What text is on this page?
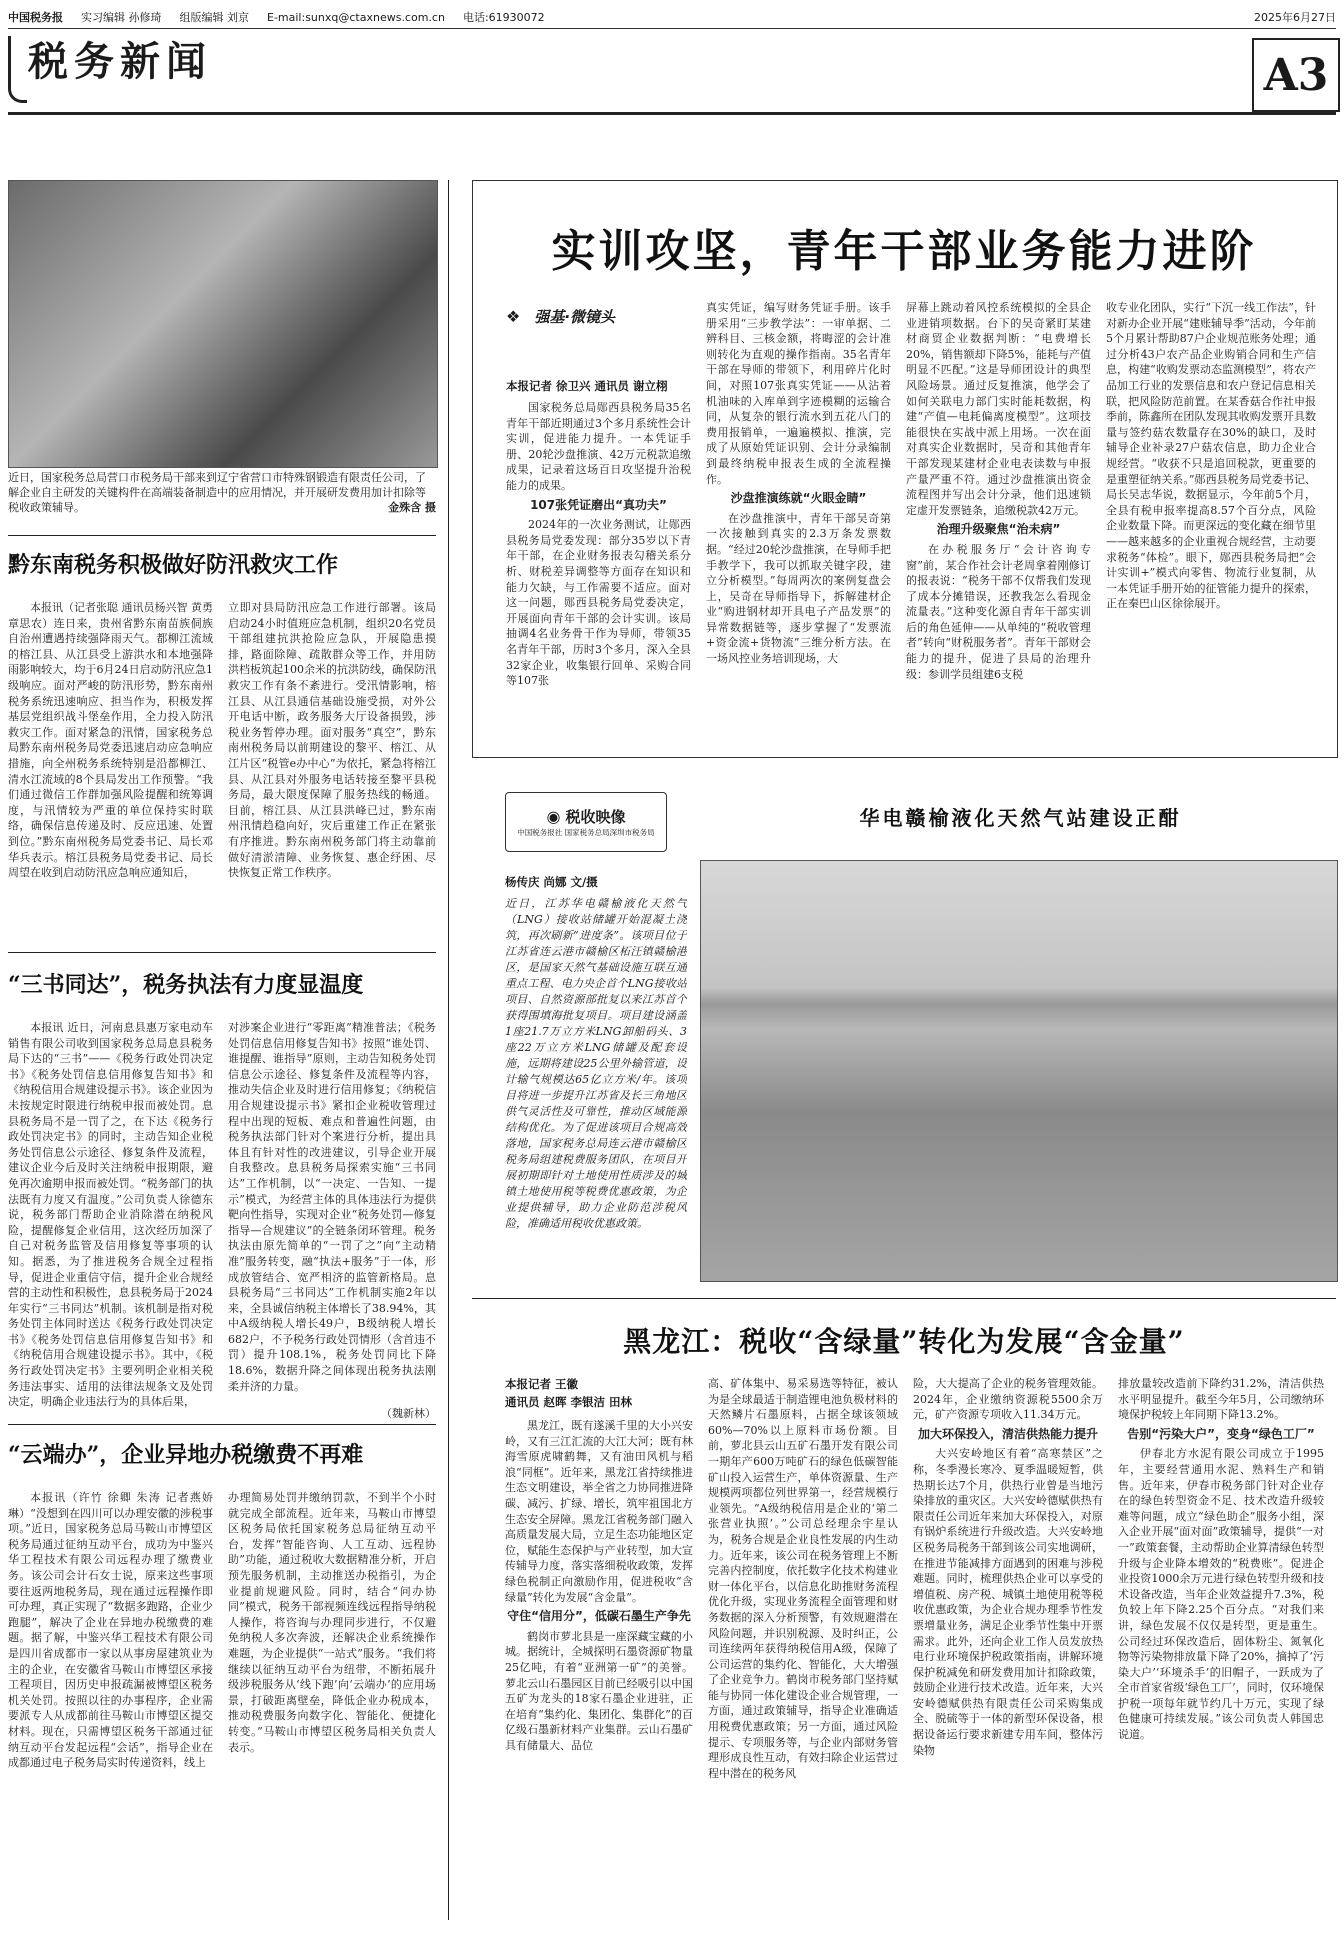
中国税务报 实习编辑 孙修琦 组版编辑 刘京 E-mail:sunxq@ctaxnews.com.cn 电话:61930072	2025年6月27日
税务新闻	A3
近日，国家税务总局营口市税务局干部来到辽宁省营口市特殊钢锻造有限责任公司，了解企业自主研发的关键构件在高端装备制造中的应用情况，并开展研发费用加计扣除等税收政策辅导。	金殊含 摄
黔东南税务积极做好防汛救灾工作

本报讯（记者张聪 通讯员杨兴智 黄勇 章思农）连日来，贵州省黔东南苗族侗族自治州遭遇持续强降雨天气。都柳江流域的榕江县、从江县受上游洪水和本地强降雨影响较大，均于6月24日启动防汛应急1级响应。面对严峻的防汛形势，黔东南州税务系统迅速响应、担当作为，积极发挥基层党组织战斗堡垒作用，全力投入防汛救灾工作。面对紧急的汛情，国家税务总局黔东南州税务局党委迅速启动应急响应措施，向全州税务系统特别是沿都柳江、清水江流域的8个县局发出工作预警。“我们通过微信工作群加强风险提醒和统筹调度，与汛情较为严重的单位保持实时联络，确保信息传递及时、反应迅速、处置到位。”黔东南州税务局党委书记、局长邓华兵表示。榕江县税务局党委书记、局长周望在收到启动防汛应急响应通知后，

立即对县局防汛应急工作进行部署。该局启动24小时值班应急机制，组织20名党员干部组建抗洪抢险应急队，开展隐患摸排，路面除障、疏散群众等工作，并用防洪档板筑起100余米的抗洪防线，确保防汛救灾工作有条不紊进行。受汛情影响，榕江县、从江县通信基础设施受损，对外公开电话中断，政务服务大厅设备损毁，涉税业务暂停办理。面对服务“真空”，黔东南州税务局以前期建设的黎平、榕江、从江片区“税管e办中心”为依托，紧急将榕江县、从江县对外服务电话转接至黎平县税务局，最大限度保障了服务热线的畅通。目前，榕江县、从江县洪峰已过，黔东南州汛情趋稳向好，灾后重建工作正在紧张有序推进。黔东南州税务部门将主动靠前做好清淤清障、业务恢复、惠企纾困、尽快恢复正常工作秩序。

“三书同达”，税务执法有力度显温度

本报讯 近日，河南息县惠万家电动车销售有限公司收到国家税务总局息县税务局下达的“三书”——《税务行政处罚决定书》《税务处罚信息信用修复告知书》和《纳税信用合规建设提示书》。该企业因为未按规定时限进行纳税申报而被处罚。息县税务局不是一罚了之，在下达《税务行政处罚决定书》的同时，主动告知企业税务处罚信息公示途径、修复条件及流程，建议企业今后及时关注纳税申报期限，避免再次逾期申报而被处罚。“税务部门的执法既有力度又有温度。”公司负责人徐德东说，税务部门帮助企业消除潜在纳税风险，提醒修复企业信用，这次经历加深了自己对税务监管及信用修复等事项的认知。据悉，为了推进税务合规全过程指导，促进企业重信守信，提升企业合规经营的主动性和积极性，息县税务局于2024年实行“三书同达”机制。该机制是指对税务处罚主体同时送达《税务行政处罚决定书》《税务处罚信息信用修复告知书》和《纳税信用合规建设提示书》。其中，《税务行政处罚决定书》主要列明企业相关税务违法事实、适用的法律法规条文及处罚决定，明确企业违法行为的具体后果，

对涉案企业进行“零距离”精准普法；《税务处罚信息信用修复告知书》按照“谁处罚、谁提醒、谁指导”原则，主动告知税务处罚信息公示途径、修复条件及流程等内容，推动失信企业及时进行信用修复；《纳税信用合规建设提示书》紧扣企业税收管理过程中出现的短板、难点和普遍性问题，由税务执法部门针对个案进行分析，提出具体且有针对性的改进建议，引导企业开展自我整改。息县税务局探索实施“三书同达”工作机制，以“一决定、一告知、一提示”模式，为经营主体的具体违法行为提供靶向性指导，实现对企业“税务处罚—修复指导—合规建议”的全链条闭环管理。税务执法由原先简单的“一罚了之”向“主动精准”服务转变，融“执法+服务”于一体，形成放管结合、宽严相济的监管新格局。息县税务局“三书同达”工作机制实施2年以来，全县诚信纳税主体增长了38.94%，其中A级纳税人增长49户，B级纳税人增长682户，不予税务行政处罚情形（含首违不罚）提升108.1%，税务处罚同比下降18.6%，数据升降之间体现出税务执法刚柔并济的力量。

（魏新林）
“云端办”，企业异地办税缴费不再难

本报讯（许竹 徐卿 朱涛 记者燕娇琳）“没想到在四川可以办理安徽的涉税事项。”近日，国家税务总局马鞍山市博望区税务局通过征纳互动平台，成功为中鉴兴华工程技术有限公司远程办理了缴费业务。该公司会计石女士说，原来这些事项要往返两地税务局，现在通过远程操作即可办理，真正实现了“数据多跑路，企业少跑腿”，解决了企业在异地办税缴费的难题。据了解，中鉴兴华工程技术有限公司是四川省成都市一家以从事房屋建筑业为主的企业，在安徽省马鞍山市博望区承接工程项目，因历史申报疏漏被博望区税务机关处罚。按照以往的办事程序，企业需要派专人从成都前往马鞍山市博望区提交材料。现在，只需博望区税务干部通过征纳互动平台发起远程“会话”，指导企业在成都通过电子税务局实时传递资料，线上

办理简易处罚并缴纳罚款，不到半个小时就完成全部流程。近年来，马鞍山市博望区税务局依托国家税务总局征纳互动平台，发挥“智能咨询、人工互动、远程协助”功能，通过税收大数据精准分析，开启预先服务机制，主动推送办税指引，为企业提前规避风险。同时，结合“问办协同”模式，税务干部视频连线远程指导纳税人操作，将咨询与办理同步进行，不仅避免纳税人多次奔波，还解决企业系统操作难题，为企业提供“一站式”服务。“我们将继续以征纳互动平台为纽带，不断拓展升级涉税服务从‘线下跑’向‘云端办’的应用场景，打破距离壁垒，降低企业办税成本，推动税费服务向数字化、智能化、便捷化转变。”马鞍山市博望区税务局相关负责人表示。

实训攻坚，青年干部业务能力进阶
❖ 强基·微镜头
本报记者 徐卫兴 通讯员 谢立栩

国家税务总局郧西县税务局35名青年干部近期通过3个多月系统性会计实训，促进能力提升。一本凭证手册、20轮沙盘推演、42万元税款追缴成果，记录着这场百日攻坚提升治税能力的成果。

107张凭证磨出“真功夫”

2024年的一次业务测试，让郧西县税务局党委发现：部分35岁以下青年干部，在企业财务报表勾稽关系分析、财税差异调整等方面存在知识和能力欠缺，与工作需要不适应。面对这一问题，郧西县税务局党委决定，开展面向青年干部的会计实训。该局抽调4名业务骨干作为导师，带领35名青年干部，历时3个多月，深入全县32家企业，收集银行回单、采购合同等107张

真实凭证，编写财务凭证手册。该手册采用“三步教学法”：一审单据、二辨科目、三核金额，将晦涩的会计准则转化为直观的操作指南。35名青年干部在导师的带领下，利用碎片化时间，对照107张真实凭证——从沾着机油味的入库单到字迹模糊的运输合同，从复杂的银行流水到五花八门的费用报销单，一遍遍模拟、推演，完成了从原始凭证识别、会计分录编制到最终纳税申报表生成的全流程操作。

沙盘推演练就“火眼金睛”

在沙盘推演中，青年干部吴奇第一次接触到真实的2.3万条发票数据。“经过20轮沙盘推演，在导师手把手教学下，我可以抓取关键字段，建立分析模型。”每周两次的案例复盘会上，吴奇在导师指导下，拆解建材企业“购进钢材却开具电子产品发票”的异常数据链等，逐步掌握了“发票流+资金流+货物流”三维分析方法。在一场风控业务培训现场，大

屏幕上跳动着风控系统模拟的全县企业进销项数据。台下的吴奇紧盯某建材商贸企业数据判断：“电费增长20%，销售额却下降5%，能耗与产值明显不匹配。”这是导师团设计的典型风险场景。通过反复推演，他学会了如何关联电力部门实时能耗数据，构建“产值—电耗偏离度模型”。这项技能很快在实战中派上用场。一次在面对真实企业数据时，吴奇和其他青年干部发现某建材企业电表读数与申报产量严重不符。通过沙盘推演出资金流程图并写出会计分录，他们迅速锁定虚开发票链条，追缴税款42万元。

治理升级聚焦“治未病”

在办税服务厅“会计咨询专窗”前，某合作社会计老周拿着刚修订的报表说：“税务干部不仅帮我们发现了成本分摊错误，还教我怎么看现金流量表。”这种变化源自青年干部实训后的角色延伸——从单纯的“税收管理者”转向“财税服务者”。青年干部财会能力的提升，促进了县局的治理升级：参训学员组建6支税

收专业化团队，实行“下沉一线工作法”，针对新办企业开展“建账辅导季”活动，今年前5个月累计帮助87户企业规范账务处理；通过分析43户农产品企业购销合同和生产信息，构建“收购发票动态监测模型”，将农产品加工行业的发票信息和农户登记信息相关联，把风险防范前置。在某香菇合作社申报季前，陈鑫所在团队发现其收购发票开具数量与签约菇农数量存在30%的缺口，及时辅导企业补录27户菇农信息，助力企业合规经营。“收获不只是追回税款，更重要的是重塑征纳关系。”郧西县税务局党委书记、局长吴志华说，数据显示，今年前5个月，全县有税申报率提高8.57个百分点，风险企业数量下降。而更深远的变化藏在细节里——越来越多的企业重视合规经营，主动要求税务“体检”。眼下，郧西县税务局把“会计实训+”模式向零售、物流行业复制，从一本凭证手册开始的征管能力提升的探索，正在秦巴山区徐徐展开。

◉ 税收映像
中国税务报社 国家税务总局深圳市税务局
华电赣榆液化天然气站建设正酣
杨传庆 尚娜 文/摄
近日，江苏华电赣榆液化天然气（LNG）接收站储罐开始混凝土浇筑，再次刷新“进度条”。该项目位于江苏省连云港市赣榆区柘汪镇赣榆港区，是国家天然气基础设施互联互通重点工程、电力央企首个LNG接收站项目、自然资源部批复以来江苏首个获得围填海批复项目。项目建设涵盖1座21.7万立方米LNG卸船码头、3座22万立方米LNG储罐及配套设施，远期将建设25公里外输管道，设计输气规模达65亿立方米/年。该项目将进一步提升江苏省及长三角地区供气灵活性及可靠性，推动区域能源结构优化。为了促进该项目合规高效落地，国家税务总局连云港市赣榆区税务局组建税费服务团队，在项目开展初期即针对土地使用性质涉及的城镇土地使用税等税费优惠政策，为企业提供辅导，助力企业防范涉税风险，准确适用税收优惠政策。
黑龙江：税收“含绿量”转化为发展“含金量”
本报记者 王徽
通讯员 赵晖 李银洁 田林

黑龙江，既有遂溪千里的大小兴安岭，又有三江汇流的大江大河；既有林海雪原虎啸鹤舞，又有油田风机与稻浪“同框”。近年来，黑龙江省持续推进生态文明建设，举全省之力协同推进降碳、减污、扩绿、增长，筑牢祖国北方生态安全屏障。黑龙江省税务部门融入高质量发展大局，立足生态功能地区定位，赋能生态保护与产业转型，加大宣传辅导力度，落实落细税收政策，发挥绿色税制正向激励作用，促进税收“含绿量”转化为发展“含金量”。

守住“信用分”，低碳石墨生产争先

鹤岗市萝北县是一座深藏宝藏的小城。据统计，全城探明石墨资源矿物量25亿吨，有着“亚洲第一矿”的美誉。萝北云山石墨园区目前已经吸引以中国五矿为龙头的18家石墨企业进驻，正在培育“集约化、集团化、集群化”的百亿级石墨新材料产业集群。云山石墨矿具有储量大、品位

高、矿体集中、易采易选等特征，被认为是全球最适于制造锂电池负极材料的天然鳞片石墨原料，占据全球该领域60%—70%以上原料市场份额。目前，萝北县云山五矿石墨开发有限公司一期年产600万吨矿石的绿色低碳智能矿山投入运营生产，单体资源量、生产规模两项都位列世界第一，经营规模行业领先。“A级纳税信用是企业的‘第二张营业执照’。”公司总经理余宇星认为，税务合规是企业良性发展的内生动力。近年来，该公司在税务管理上不断完善内控制度，依托数字化技术构建业财一体化平台，以信息化助推财务流程优化升级，实现业务流程全面管理和财务数据的深入分析预警，有效规避潜在风险问题，并识别税源、及时纠正，公司连续两年获得纳税信用A级，保障了公司运营的集约化、智能化，大大增强了企业竞争力。鹤岗市税务部门坚持赋能与协同一体化建设企业合规管理，一方面，通过政策辅导，指导企业准确适用税费优惠政策；另一方面，通过风险提示、专项服务等，与企业内部财务管理形成良性互动，有效扫除企业运营过程中潜在的税务风

险，大大提高了企业的税务管理效能。2024年，企业缴纳资源税5500余万元，矿产资源专项收入11.34万元。

加大环保投入，清洁供热能力提升

大兴安岭地区有着“高寒禁区”之称，冬季漫长寒冷、夏季温暖短暂，供热期长达7个月，供热行业曾是当地污染排放的重灾区。大兴安岭德赋供热有限责任公司近年来加大环保投入，对原有锅炉系统进行升级改造。大兴安岭地区税务局税务干部到该公司实地调研，在推进节能减排方面遇到的困难与涉税难题。同时，梳理供热企业可以享受的增值税、房产税、城镇土地使用税等税收优惠政策，为企业合规办理季节性发票增量业务，满足企业季节性集中开票需求。此外，还向企业工作人员发放热电行业环境保护税政策指南，讲解环境保护税减免和研发费用加计扣除政策，鼓励企业进行技术改造。近年来，大兴安岭德赋供热有限责任公司采购集成全、脱硫等于一体的新型环保设备，根据设备运行要求新建专用车间，整体污染物

排放量较改造前下降约31.2%，清洁供热水平明显提升。截至今年5月，公司缴纳环境保护税较上年同期下降13.2%。

告别“污染大户”，变身“绿色工厂”

伊春北方水泥有限公司成立于1995年，主要经营通用水泥、熟料生产和销售。近年来，伊春市税务部门针对企业存在的绿色转型资金不足、技术改造升级较难等问题，成立“绿色助企”服务小组，深入企业开展“面对面”政策辅导，提供“一对一”政策套餐，主动帮助企业算清绿色转型升级与企业降本增效的“税费账”。促进企业投资1000余万元进行绿色转型升级和技术设备改造，当年企业效益提升7.3%，税负较上年下降2.25个百分点。“对我们来讲，绿色发展不仅仅是转型，更是重生。公司经过环保改造后，固体粉尘、氮氧化物等污染物排放量下降了20%，摘掉了‘污染大户’‘环境杀手’的旧帽子，一跃成为了全市首家省级‘绿色工厂’，同时，仅环境保护税一项每年就节约几十万元，实现了绿色健康可持续发展。”该公司负责人韩国忠说道。
